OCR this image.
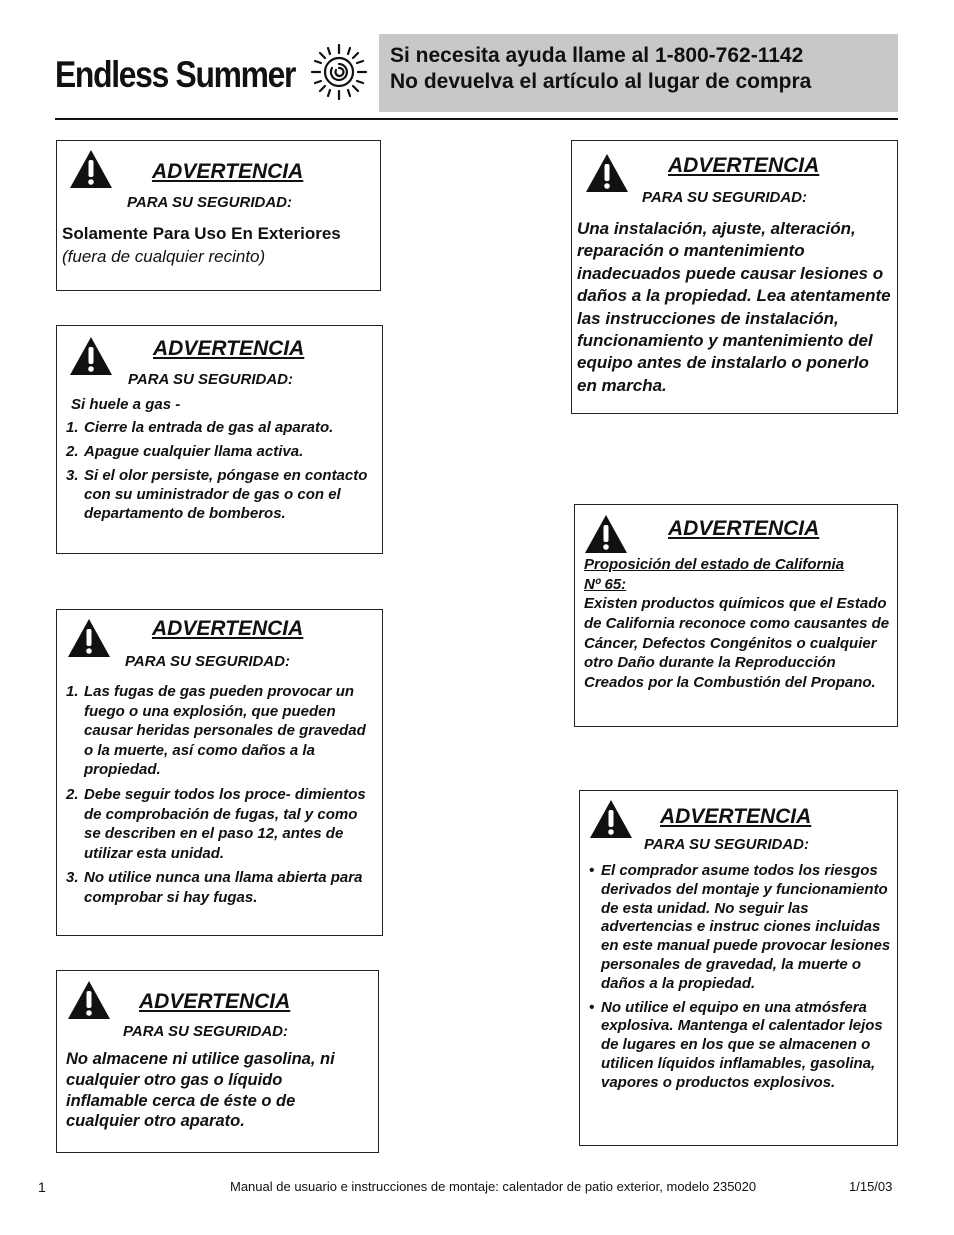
Endless Summer	Si necesita ayuda llame al 1-800-762-1142
No devuelva el artículo al lugar de compra
ADVERTENCIA
PARA SU SEGURIDAD:
Solamente Para Uso En Exteriores
(fuera de cualquier recinto)
ADVERTENCIA
PARA SU SEGURIDAD:
Si huele a gas -
1. Cierre la entrada de gas al aparato.
2. Apague cualquier llama activa.
3. Si el olor persiste, póngase en contacto con su uministrador de gas o con el departamento de bomberos.
ADVERTENCIA
PARA SU SEGURIDAD:
1. Las fugas de gas pueden provocar un fuego o una explosión, que pueden causar heridas personales de gravedad o la muerte, así como daños a la propiedad.
2. Debe seguir todos los proce- dimientos de comprobación de fugas, tal y como se describen en el paso 12, antes de utilizar esta unidad.
3. No utilice nunca una llama abierta para comprobar si hay fugas.
ADVERTENCIA
PARA SU SEGURIDAD:
No almacene ni utilice gasolina, ni cualquier otro gas o líquido inflamable cerca de éste o de cualquier otro aparato.
ADVERTENCIA
PARA SU SEGURIDAD:
Una instalación, ajuste, alteración, reparación o mantenimiento inadecuados puede causar lesiones o daños a la propiedad. Lea atentamente las instrucciones de instalación, funcionamiento y mantenimiento del equipo antes de instalarlo o ponerlo en marcha.
ADVERTENCIA
Proposición del estado de California
Nº 65:
Existen productos químicos que el Estado de California reconoce como causantes de Cáncer, Defectos Congénitos o cualquier otro Daño durante la Reproducción Creados por la Combustión del Propano.
ADVERTENCIA
PARA SU SEGURIDAD:
• El comprador asume todos los riesgos derivados del montaje y funcionamiento de esta unidad. No seguir las advertencias e instruc ciones incluidas en este manual puede provocar lesiones personales de gravedad, la muerte o daños a la propiedad.
• No utilice el equipo en una atmósfera explosiva. Mantenga el calentador lejos de lugares en los que se almacenen o utilicen líquidos inflamables, gasolina, vapores o productos explosivos.
1	Manual de usuario e instrucciones de montaje: calentador de patio exterior, modelo 235020	1/15/03
